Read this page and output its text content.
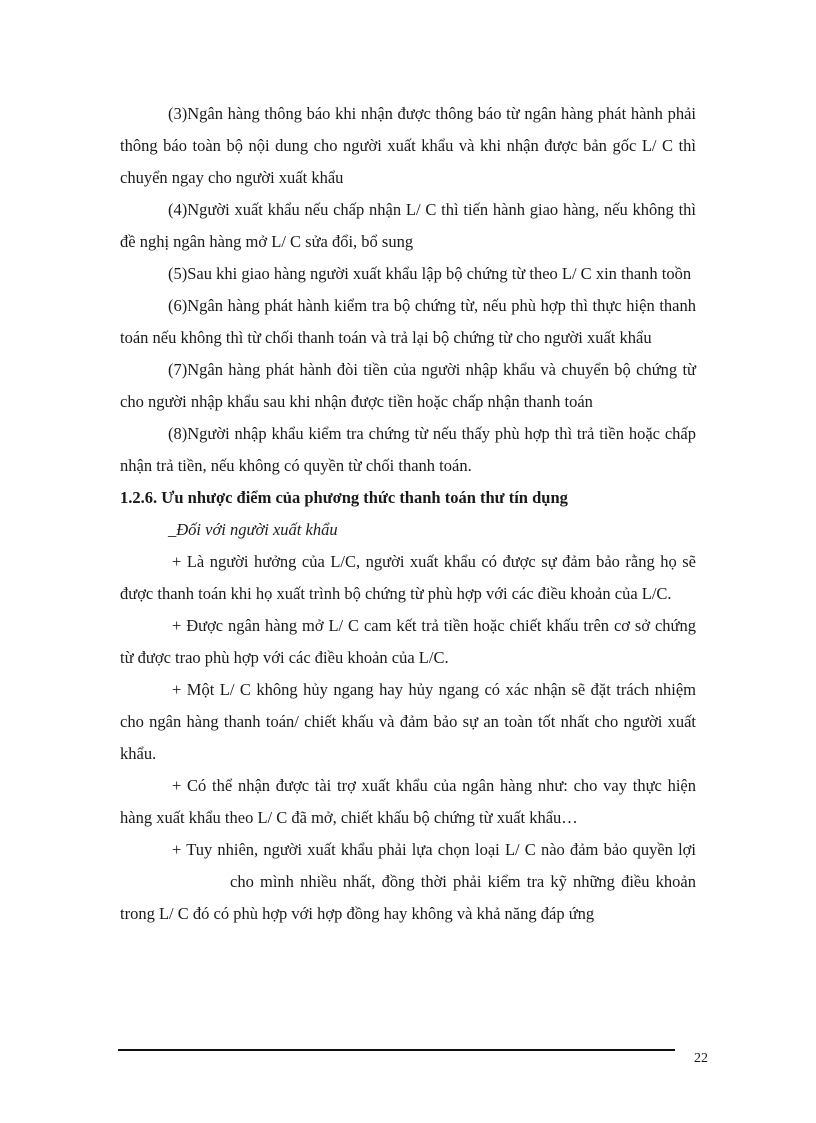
(3)Ngân hàng thông báo khi nhận được thông báo từ ngân hàng phát hành phải thông báo toàn bộ nội dung cho người xuất khẩu và khi nhận được bản gốc L/ C thì chuyển ngay cho người xuất khẩu

(4)Người xuất khẩu nếu chấp nhận L/ C thì tiến hành giao hàng, nếu không thì đề nghị ngân hàng mở L/ C sửa đổi, bổ sung

(5)Sau khi giao hàng người xuất khẩu lập bộ chứng từ theo L/ C xin thanh toồn

(6)Ngân hàng phát hành kiểm tra bộ chứng từ, nếu phù hợp thì thực hiện thanh toán nếu không thì từ chối thanh toán và trả lại bộ chứng từ cho người xuất khẩu

(7)Ngân hàng phát hành đòi tiền của người nhập khẩu và chuyển bộ chứng từ cho người nhập khẩu sau khi nhận được tiền hoặc chấp nhận thanh toán

(8)Người nhập khẩu kiểm tra chứng từ nếu thấy phù hợp thì trả tiền hoặc chấp nhận trả tiền, nếu không có quyền từ chối thanh toán.

1.2.6. Ưu nhược điểm của phương thức thanh toán thư tín dụng

_Đối với người xuất khẩu

+ Là người hưởng của L/C, người xuất khẩu có được sự đảm bảo rằng họ sẽ được thanh toán khi họ xuất trình bộ chứng từ phù hợp với các điều khoản của L/C.

+ Được ngân hàng mở L/ C cam kết trả tiền hoặc chiết khấu trên cơ sở chứng từ được trao phù hợp với các điều khoản của L/C.

+ Một L/ C không hủy ngang hay hủy ngang có xác nhận sẽ đặt trách nhiệm cho ngân hàng thanh toán/ chiết khấu và đảm bảo sự an toàn tốt nhất cho người xuất khẩu.

+ Có thể nhận được tài trợ xuất khẩu của ngân hàng như: cho vay thực hiện hàng xuất khẩu theo L/ C đã mở, chiết khấu bộ chứng từ xuất khẩu…

+ Tuy nhiên, người xuất khẩu phải lựa chọn loại L/ C nào đảm bảo quyền lợicho mình nhiều nhất, đồng thời phải kiểm tra kỹ những điều khoản trong L/ C đó có phù hợp với hợp đồng hay không và khả năng đáp ứng

22
